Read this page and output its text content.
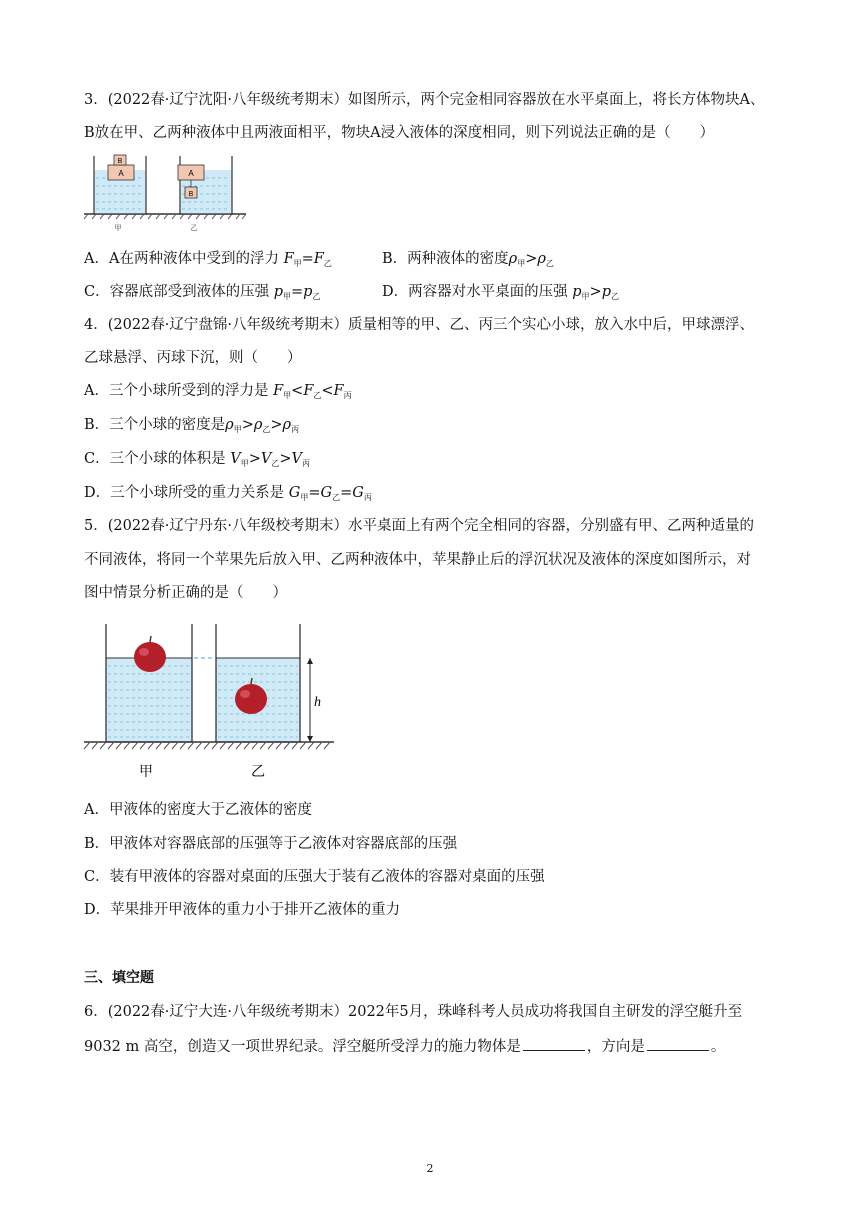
3．(2022春·辽宁沈阳·八年级统考期末）如图所示，两个完金相同容器放在水平桌面上，将长方体物块A、
B放在甲、乙两种液体中且两液面相平，物块A浸入液体的深度相同，则下列说法正确的是（　　）
A
B
A
B
甲	乙
A．A在两种液体中受到的浮力 $F_甲=F_乙$	B．两种液体的密度$\rho_甲>\rho_乙$
C．容器底部受到液体的压强 $p_甲=p_乙$	D．两容器对水平桌面的压强 $p_甲>p_乙$
4．(2022春·辽宁盘锦·八年级统考期末）质量相等的甲、乙、丙三个实心小球，放入水中后，甲球漂浮、
乙球悬浮、丙球下沉，则（　　）
A．三个小球所受到的浮力是 $F_甲<F_乙<F_丙$
B．三个小球的密度是$\rho_甲>\rho_乙>\rho_丙$
C．三个小球的体积是 $V_甲>V_乙>V_丙$
D．三个小球所受的重力关系是 $G_甲=G_乙=G_丙$
5．(2022春·辽宁丹东·八年级校考期末）水平桌面上有两个完全相同的容器，分别盛有甲、乙两种适量的
不同液体，将同一个苹果先后放入甲、乙两种液体中，苹果静止后的浮沉状况及液体的深度如图所示，对
图中情景分析正确的是（　　）
h
甲	乙
A．甲液体的密度大于乙液体的密度
B．甲液体对容器底部的压强等于乙液体对容器底部的压强
C．装有甲液体的容器对桌面的压强大于装有乙液体的容器对桌面的压强
D．苹果排开甲液体的重力小于排开乙液体的重力
三、填空题
6．(2022春·辽宁大连·八年级统考期末）2022年5月，珠峰科考人员成功将我国自主研发的浮空艇升至
9032 m 高空，创造又一项世界纪录。浮空艇所受浮力的施力物体是	，方向是	。
2
